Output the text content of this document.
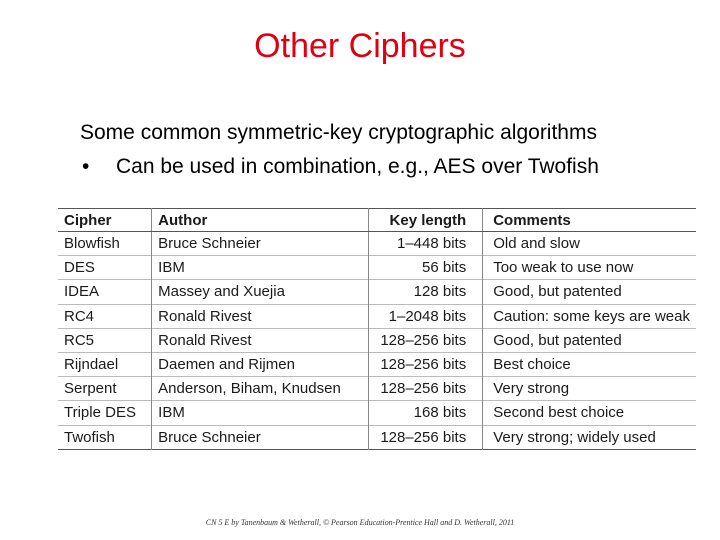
Other Ciphers
Some common symmetric-key cryptographic algorithms
• Can be used in combination, e.g., AES over Twofish
Cipher	Author	Key length	Comments
Blowfish	Bruce Schneier	1–448 bits	Old and slow
DES	IBM	56 bits	Too weak to use now
IDEA	Massey and Xuejia	128 bits	Good, but patented
RC4	Ronald Rivest	1–2048 bits	Caution: some keys are weak
RC5	Ronald Rivest	128–256 bits	Good, but patented
Rijndael	Daemen and Rijmen	128–256 bits	Best choice
Serpent	Anderson, Biham, Knudsen	128–256 bits	Very strong
Triple DES	IBM	168 bits	Second best choice
Twofish	Bruce Schneier	128–256 bits	Very strong; widely used
CN 5 E by Tanenbaum & Wetherall, © Pearson Education-Prentice Hall and D. Wetherall, 2011
